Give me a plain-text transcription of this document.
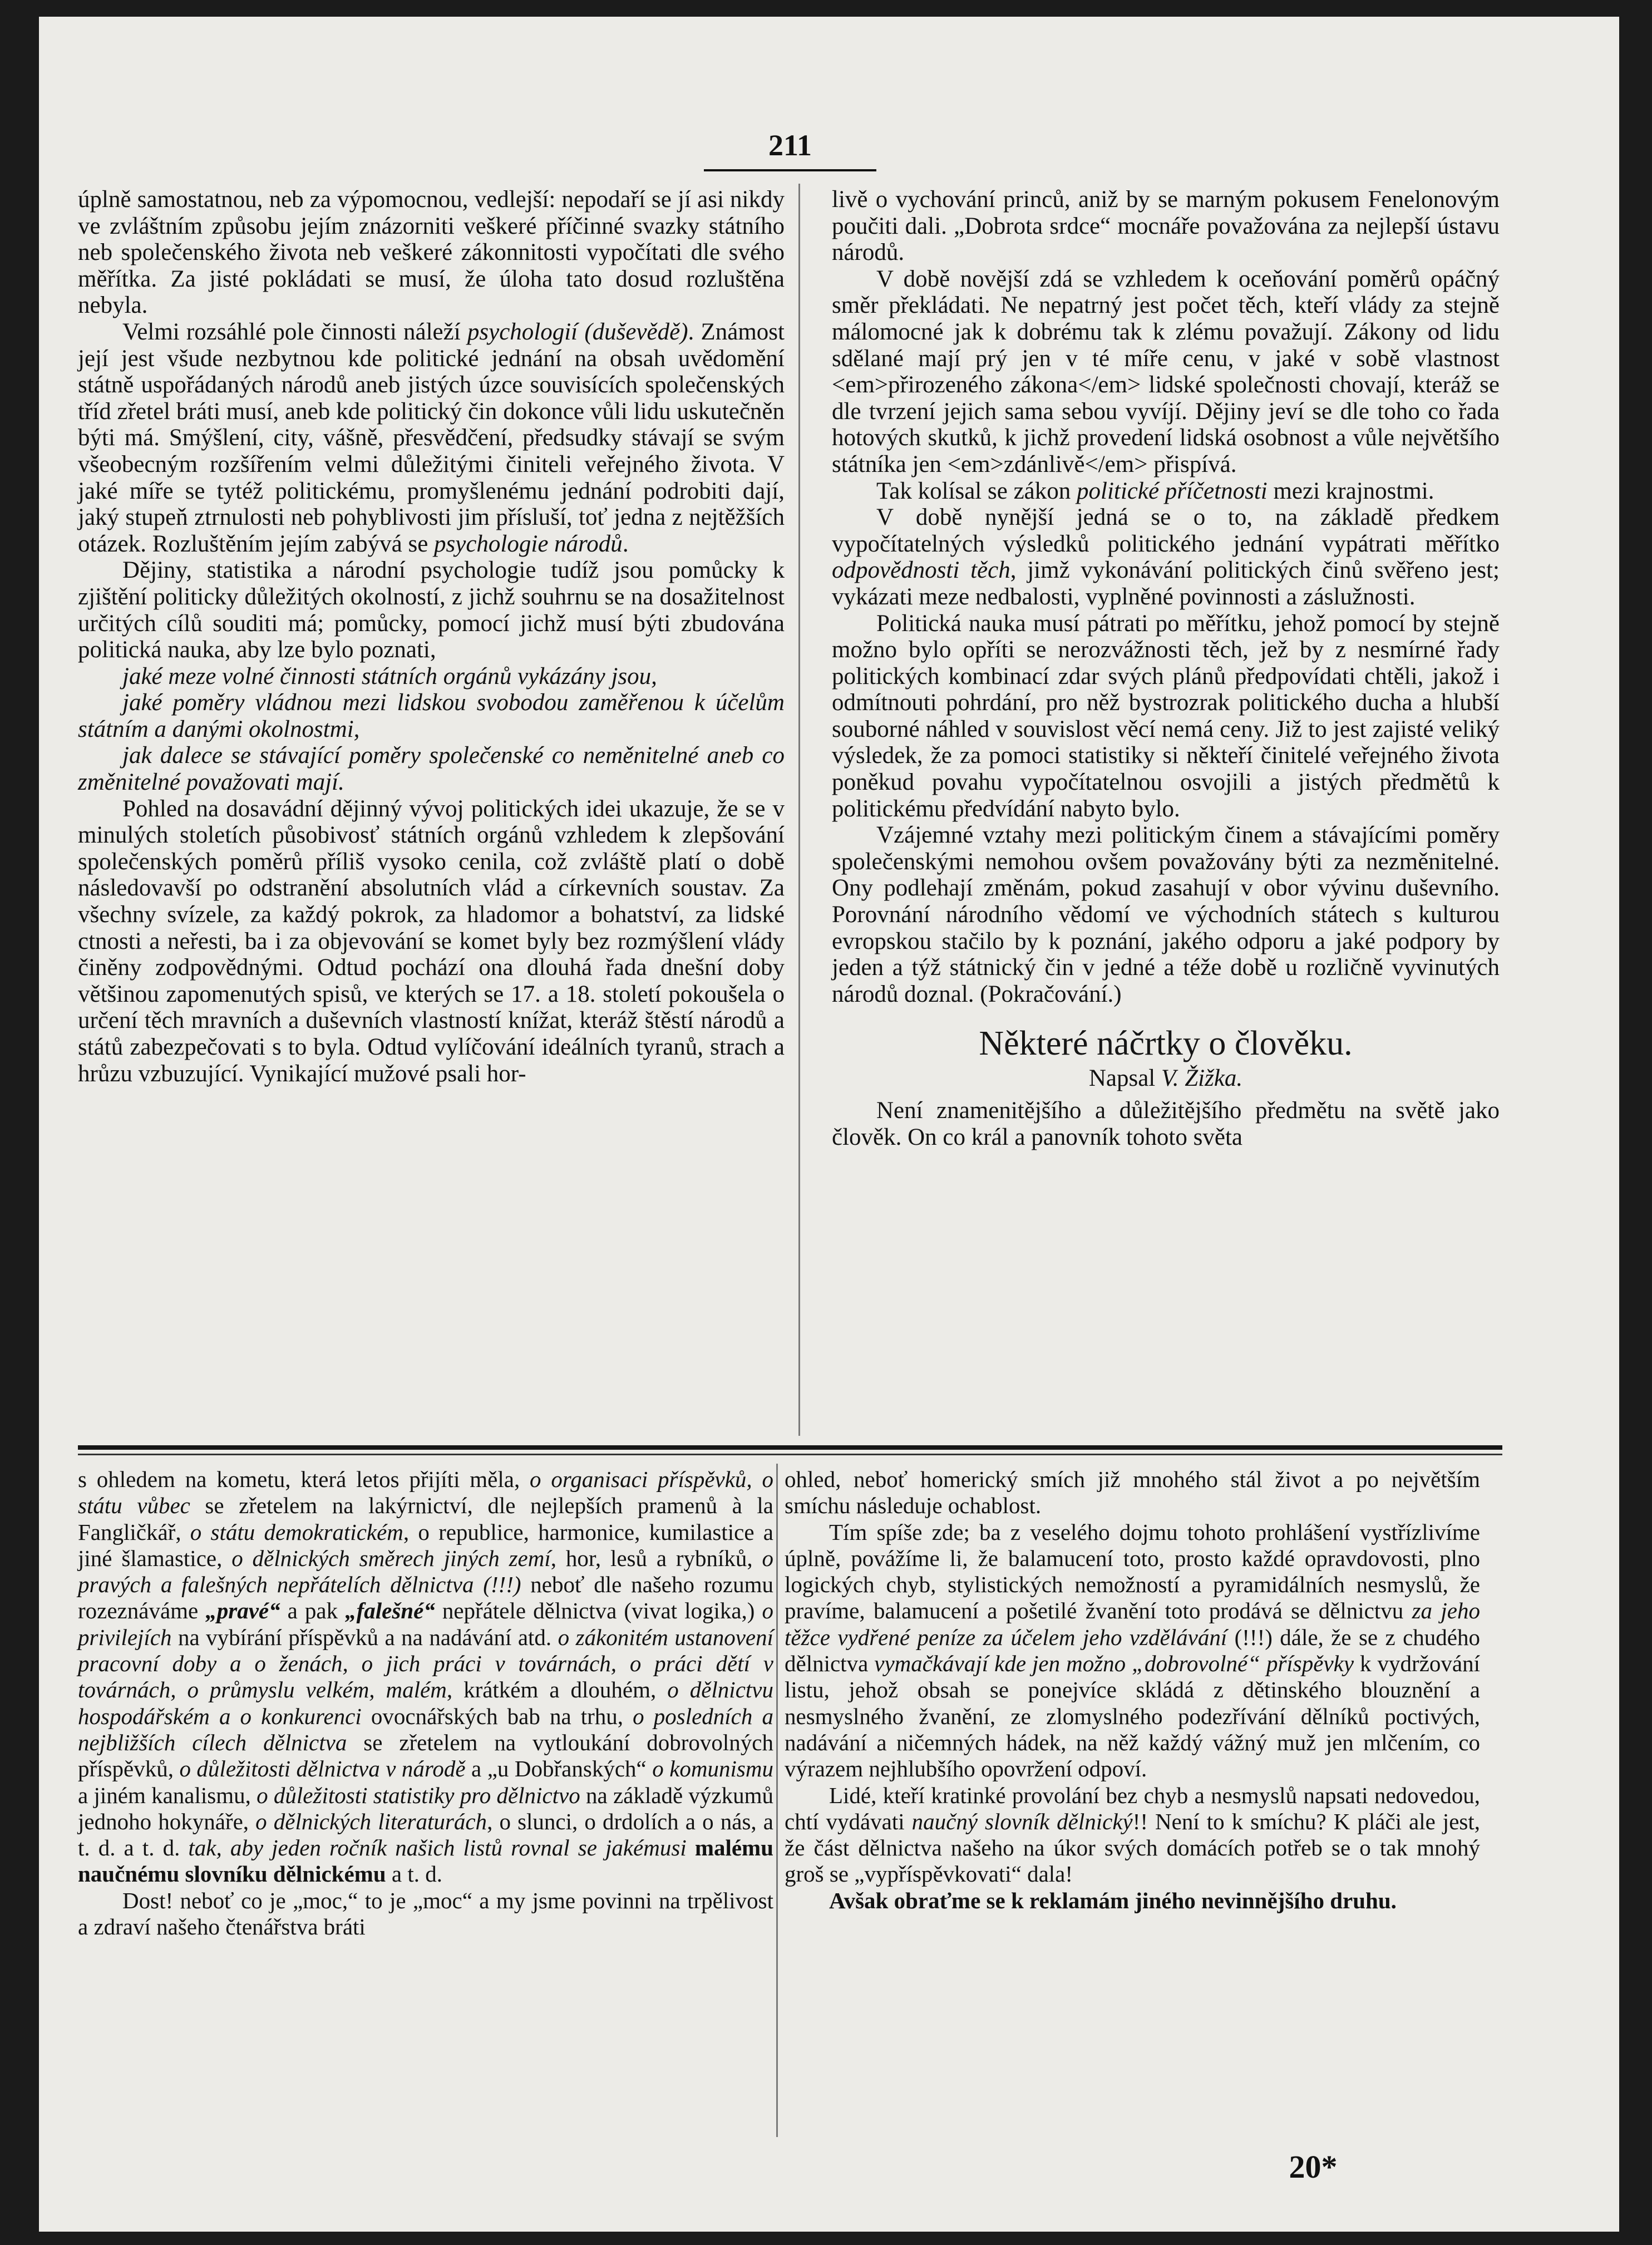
211

úplně samostatnou, neb za výpomocnou, vedlejší: nepodaří se jí asi nikdy ve zvláštním způsobu jejím znázorniti veškeré příčinné svazky státního neb společenského života neb veškeré zákonnitosti vypočítati dle svého měřítka. Za jisté pokládati se musí, že úloha tato dosud rozluštěna nebyla.

Velmi rozsáhlé pole činnosti náleží psychologií (duševědě). Známost její jest všude nezbytnou kde politické jednání na obsah uvědomění státně uspořádaných národů aneb jistých úzce souvisících společenských tříd zřetel bráti musí, aneb kde politický čin dokonce vůli lidu uskutečněn býti má. Smýšlení, city, vášně, přesvědčení, předsudky stávají se svým všeobecným rozšířením velmi důležitými činiteli veřejného života. V jaké míře se tytéž politickému, promyšlenému jednání podrobiti dají, jaký stupeň ztrnulosti neb pohyblivosti jim přísluší, toť jedna z nejtěžších otázek. Rozluštěním jejím zabývá se psychologie národů.

Dějiny, statistika a národní psychologie tudíž jsou pomůcky k zjištění politicky důležitých okolností, z jichž souhrnu se na dosažitelnost určitých cílů souditi má; pomůcky, pomocí jichž musí býti zbudována politická nauka, aby lze bylo poznati,

jaké meze volné činnosti státních orgánů vykázány jsou,

jaké poměry vládnou mezi lidskou svobodou zaměřenou k účelům státním a danými okolnostmi,

jak dalece se stávající poměry společenské co neměnitelné aneb co změnitelné považovati mají.

Pohled na dosavádní dějinný vývoj politických idei ukazuje, že se v minulých stoletích působivosť státních orgánů vzhledem k zlepšování společenských poměrů příliš vysoko cenila, což zvláště platí o době následovavší po odstranění absolutních vlád a církevních soustav. Za všechny svízele, za každý pokrok, za hladomor a bohatství, za lidské ctnosti a neřesti, ba i za objevování se komet byly bez rozmýšlení vlády činěny zodpovědnými. Odtud pochází ona dlouhá řada dnešní doby většinou zapomenutých spisů, ve kterých se 17. a 18. století pokoušela o určení těch mravních a duševních vlastností knížat, kteráž štěstí národů a států zabezpečovati s to byla. Odtud vylíčování ideálních tyranů, strach a hrůzu vzbuzující. Vynikající mužové psali hor-

livě o vychování princů, aniž by se marným pokusem Fenelonovým poučiti dali. „Dobrota srdce“ mocnáře považována za nejlepší ústavu národů.

V době novější zdá se vzhledem k oceňování poměrů opáčný směr překládati. Ne nepatrný jest počet těch, kteří vlády za stejně málomocné jak k dobrému tak k zlému považují. Zákony od lidu sdělané mají prý jen v té míře cenu, v jaké v sobě vlastnost <em>přirozeného zákona</em> lidské společnosti chovají, kteráž se dle tvrzení jejich sama sebou vyvíjí. Dějiny jeví se dle toho co řada hotových skutků, k jichž provedení lidská osobnost a vůle největšího státníka jen <em>zdánlivě</em> přispívá.

Tak kolísal se zákon politické příčetnosti mezi krajnostmi.

V době nynější jedná se o to, na základě předkem vypočítatelných výsledků politického jednání vypátrati měřítko odpovědnosti těch, jimž vykonávání politických činů svěřeno jest; vykázati meze nedbalosti, vyplněné povinnosti a záslužnosti.

Politická nauka musí pátrati po měřítku, jehož pomocí by stejně možno bylo opříti se nerozvážnosti těch, jež by z nesmírné řady politických kombinací zdar svých plánů předpovídati chtěli, jakož i odmítnouti pohrdání, pro něž bystrozrak politického ducha a hlubší souborné náhled v souvislost věcí nemá ceny. Již to jest zajisté veliký výsledek, že za pomoci statistiky si někteří činitelé veřejného života poněkud povahu vypočítatelnou osvojili a jistých předmětů k politickému předvídání nabyto bylo.

Vzájemné vztahy mezi politickým činem a stávajícími poměry společenskými nemohou ovšem považovány býti za nezměnitelné. Ony podlehají změnám, pokud zasahují v obor vývinu duševního. Porovnání národního vědomí ve východních státech s kulturou evropskou stačilo by k poznání, jakého odporu a jaké podpory by jeden a týž státnický čin v jedné a téže době u rozličně vyvinutých národů doznal. (Pokračování.)

Některé náčrtky o člověku.

Napsal V. Žižka.

Není znamenitějšího a důležitějšího předmětu na světě jako člověk. On co král a panovník tohoto světa

s ohledem na kometu, která letos přijíti měla, o organisaci příspěvků, o státu vůbec se zřetelem na lakýrnictví, dle nejlepších pramenů à la Fangličkář, o státu demokratickém, o republice, harmonice, kumilastice a jiné šlamastice, o dělnických směrech jiných zemí, hor, lesů a rybníků, o pravých a falešných nepřátelích dělnictva (!!!) neboť dle našeho rozumu rozeznáváme „pravé“ a pak „falešné“ nepřátele dělnictva (vivat logika,) o privilejích na vybírání příspěvků a na nadávání atd. o zákonitém ustanovení pracovní doby a o ženách, o jich práci v továrnách, o práci dětí v továrnách, o průmyslu velkém, malém, krátkém a dlouhém, o dělnictvu hospodářském a o konkurenci ovocnářských bab na trhu, o posledních a nejbližších cílech dělnictva se zřetelem na vytloukání dobrovolných příspěvků, o důležitosti dělnictva v národě a „u Dobřanských“ o komunismu a jiném kanalismu, o důležitosti statistiky pro dělnictvo na základě výzkumů jednoho hokynáře, o dělnických literaturách, o slunci, o drdolích a o nás, a t. d. a t. d. tak, aby jeden ročník našich listů rovnal se jakémusi malému naučnému slovníku dělnickému a t. d.

Dost! neboť co je „moc,“ to je „moc“ a my jsme povinni na trpělivost a zdraví našeho čtenářstva bráti

ohled, neboť homerický smích již mnohého stál život a po největším smíchu následuje ochablost.

Tím spíše zde; ba z veselého dojmu tohoto prohlášení vystřízlivíme úplně, povážíme li, že balamucení toto, prosto každé opravdovosti, plno logických chyb, stylistických nemožností a pyramidálních nesmyslů, že pravíme, balamucení a pošetilé žvanění toto prodává se dělnictvu za jeho těžce vydřené peníze za účelem jeho vzdělávání (!!!) dále, že se z chudého dělnictva vymačkávají kde jen možno „dobrovolné“ příspěvky k vydržování listu, jehož obsah se ponejvíce skládá z dětinského blouznění a nesmyslného žvanění, ze zlomyslného podezřívání dělníků poctivých, nadávání a ničemných hádek, na něž každý vážný muž jen mlčením, co výrazem nejhlubšího opovržení odpoví.

Lidé, kteří kratinké provolání bez chyb a nesmyslů napsati nedovedou, chtí vydávati naučný slovník dělnický!! Není to k smíchu? K pláči ale jest, že část dělnictva našeho na úkor svých domácích potřeb se o tak mnohý groš se „vypříspěvkovati“ dala!

Avšak obraťme se k reklamám jiného nevinnějšího druhu.

20*
